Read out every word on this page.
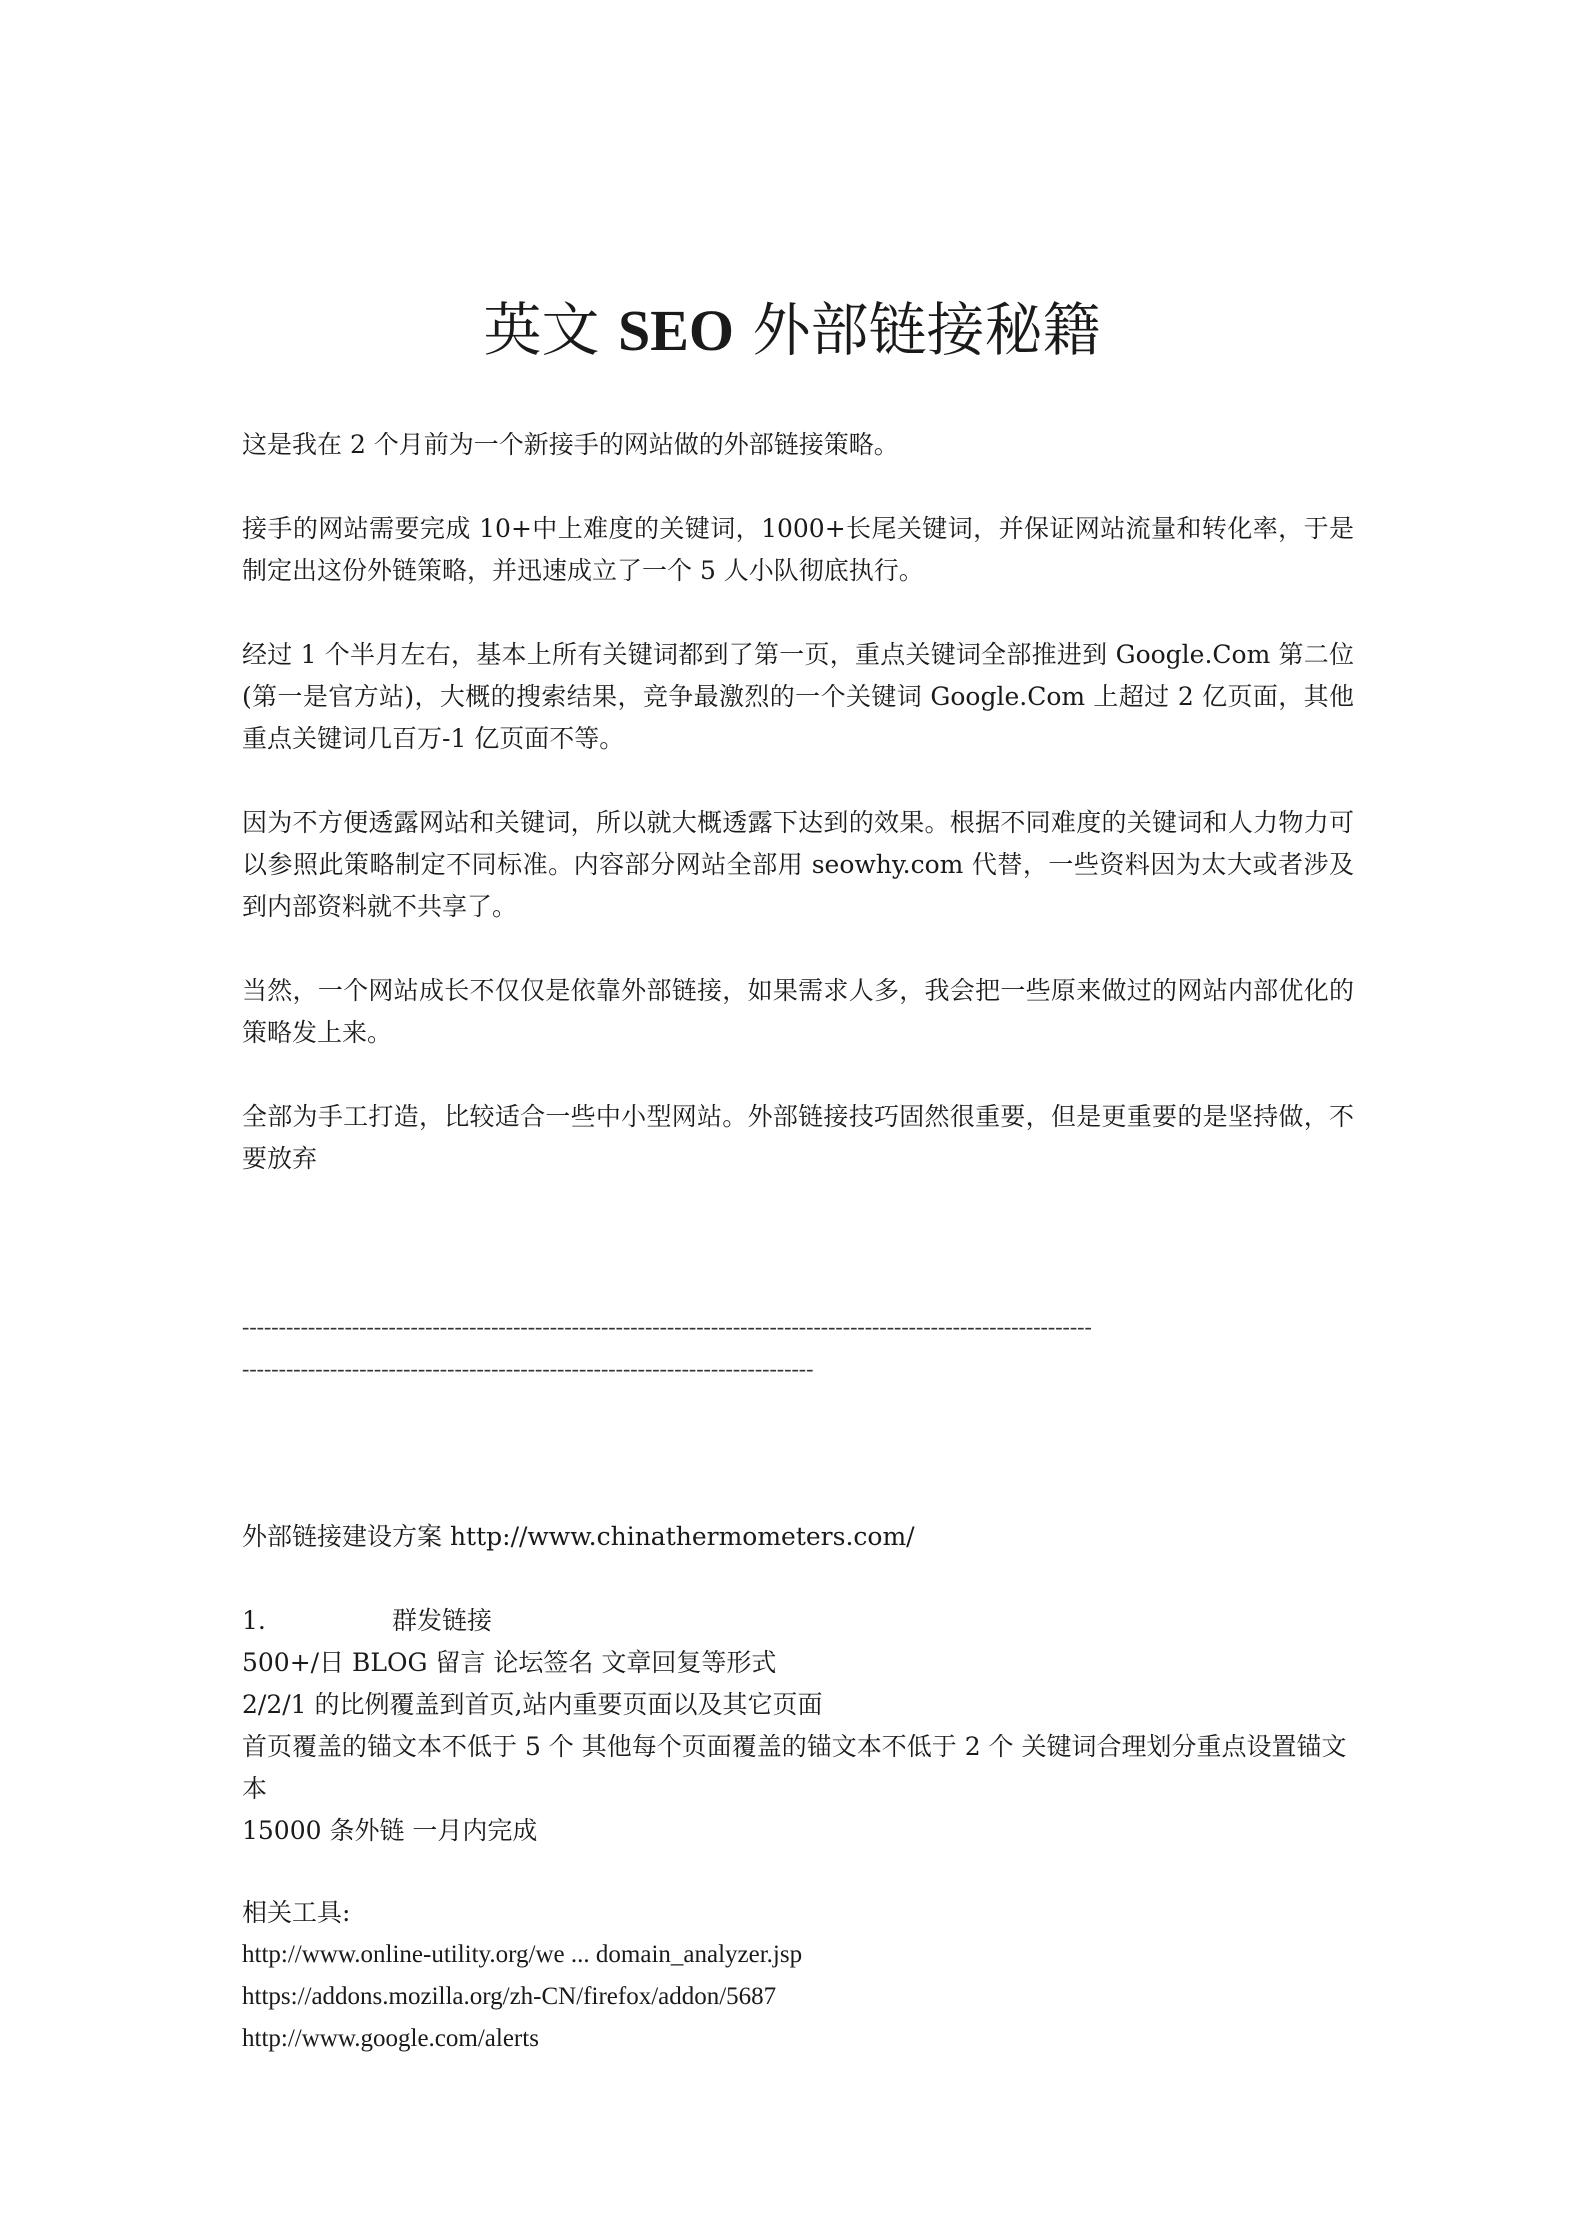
英文 SEO 外部链接秘籍

这是我在 2 个月前为一个新接手的网站做的外部链接策略。

接手的网站需要完成 10+中上难度的关键词，1000+长尾关键词，并保证网站流量和转化率，于是制定出这份外链策略，并迅速成立了一个 5 人小队彻底执行。

经过 1 个半月左右，基本上所有关键词都到了第一页，重点关键词全部推进到 Google.Com 第二位(第一是官方站)，大概的搜索结果，竞争最激烈的一个关键词 Google.Com 上超过 2 亿页面，其他重点关键词几百万-1 亿页面不等。

因为不方便透露网站和关键词，所以就大概透露下达到的效果。根据不同难度的关键词和人力物力可以参照此策略制定不同标准。内容部分网站全部用 seowhy.com 代替，一些资料因为太大或者涉及到内部资料就不共享了。

当然，一个网站成长不仅仅是依靠外部链接，如果需求人多，我会把一些原来做过的网站内部优化的策略发上来。

全部为手工打造，比较适合一些中小型网站。外部链接技巧固然很重要，但是更重要的是坚持做，不要放弃

--------------------------------------------------------------------------------------------------------------------
------------------------------------------------------------------------------
外部链接建设方案 http://www.chinathermometers.com/
1.	群发链接
500+/日 BLOG 留言 论坛签名 文章回复等形式
2/2/1 的比例覆盖到首页,站内重要页面以及其它页面
首页覆盖的锚文本不低于 5 个 其他每个页面覆盖的锚文本不低于 2 个 关键词合理划分重点设置锚文本
15000 条外链 一月内完成
相关工具:
http://www.online-utility.org/we ... domain_analyzer.jsp
https://addons.mozilla.org/zh-CN/firefox/addon/5687
http://www.google.com/alerts
